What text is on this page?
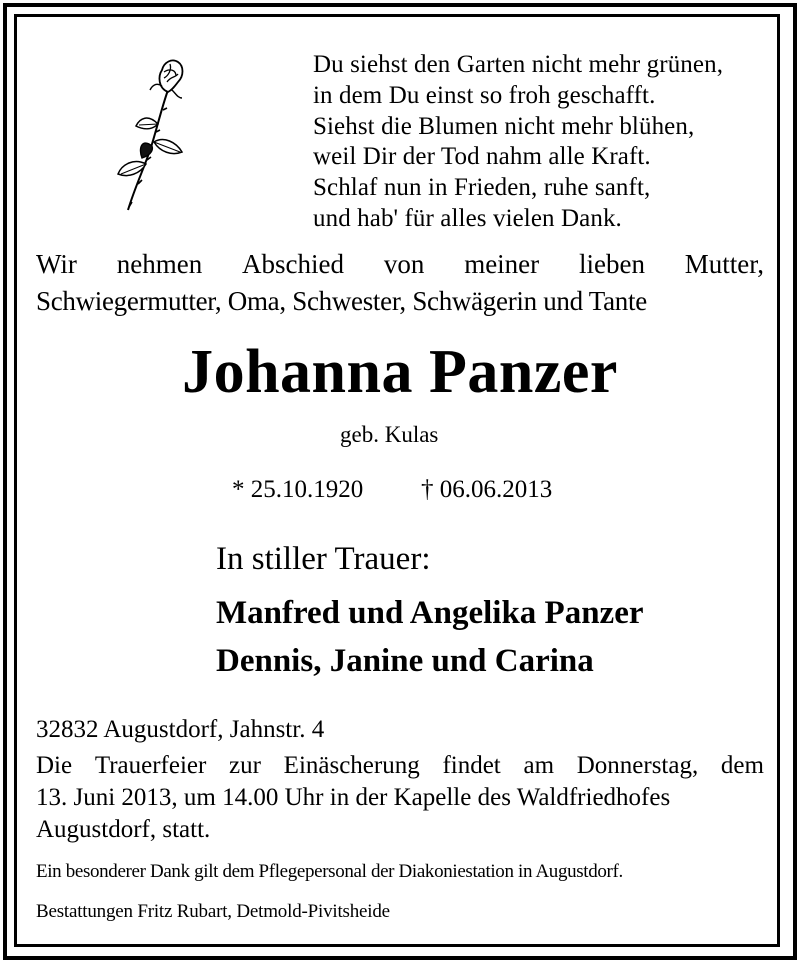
Du siehst den Garten nicht mehr grünen,
in dem Du einst so froh geschafft.
Siehst die Blumen nicht mehr blühen,
weil Dir der Tod nahm alle Kraft.
Schlaf nun in Frieden, ruhe sanft,
und hab' für alles vielen Dank.
Wir nehmen Abschied von meiner lieben Mutter,
Schwiegermutter, Oma, Schwester, Schwägerin und Tante
Johanna Panzer
geb. Kulas
* 25.10.1920 † 06.06.2013
In stiller Trauer:
Manfred und Angelika Panzer
Dennis, Janine und Carina
32832 Augustdorf, Jahnstr. 4
Die Trauerfeier zur Einäscherung findet am Donnerstag, dem
13. Juni 2013, um 14.00 Uhr in der Kapelle des Waldfriedhofes
Augustdorf, statt.
Ein besonderer Dank gilt dem Pflegepersonal der Diakoniestation in Augustdorf.
Bestattungen Fritz Rubart, Detmold-Pivitsheide
